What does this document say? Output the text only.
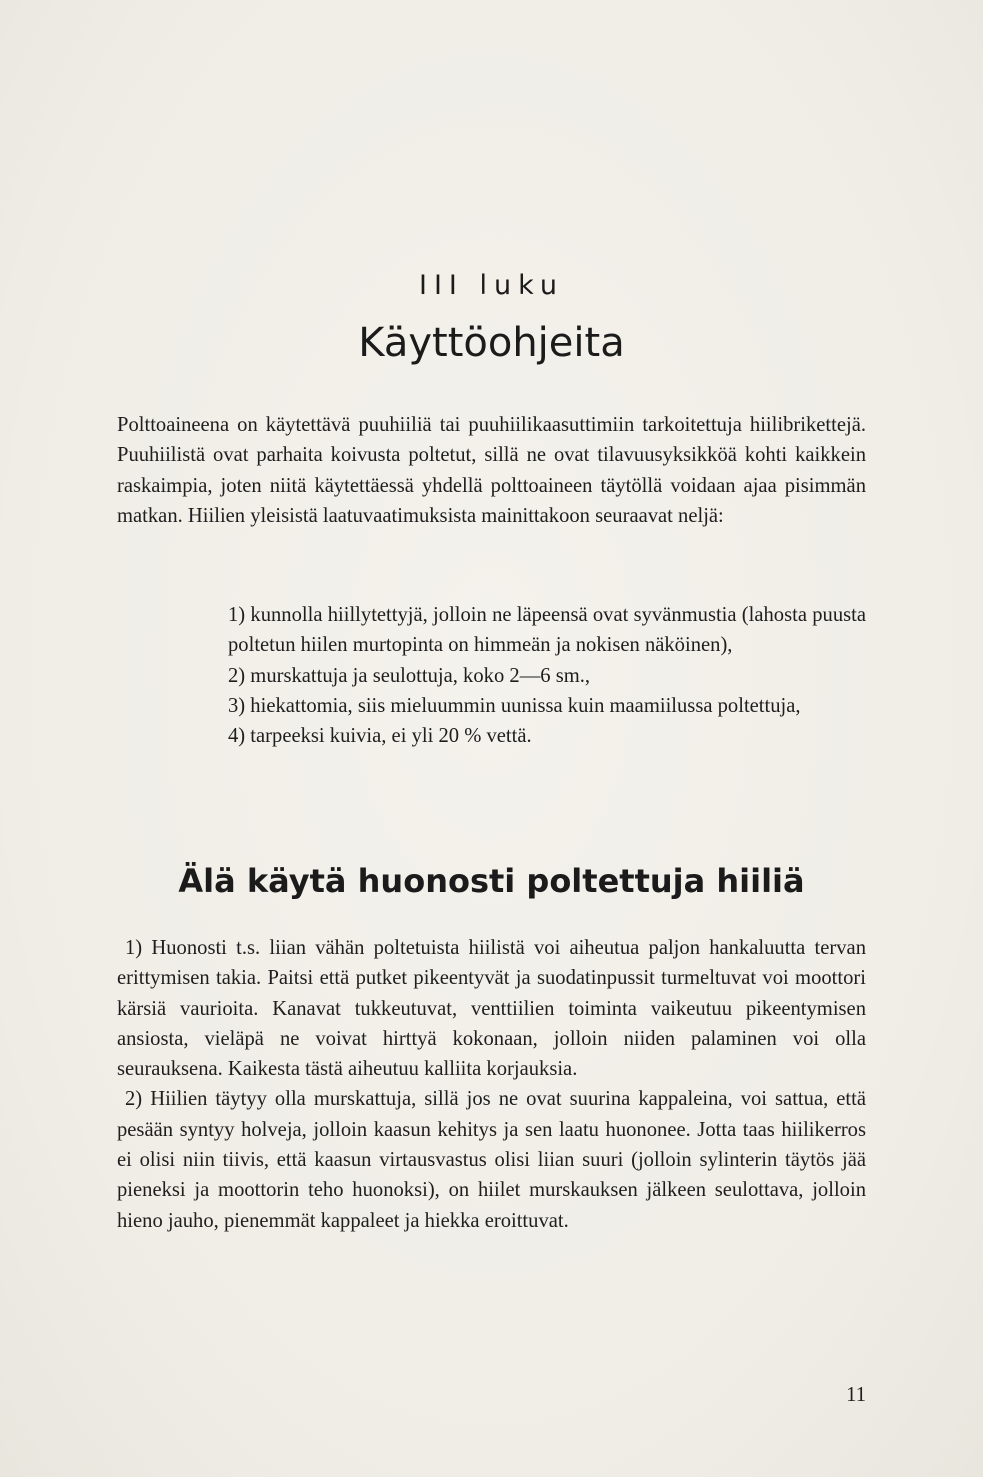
III luku
Käyttöohjeita

Polttoaineena on käytettävä puuhiiliä tai puuhiilikaasuttimiin tarkoitettuja hiilibrikettejä. Puuhiilistä ovat parhaita koivusta poltetut, sillä ne ovat tilavuusyksikköä kohti kaikkein raskaimpia, joten niitä käytettäessä yhdellä polttoaineen täytöllä voidaan ajaa pisimmän matkan. Hiilien yleisistä laatuvaatimuksista mainittakoon seuraavat neljä:

1) kunnolla hiillytettyjä, jolloin ne läpeensä ovat syvänmustia (lahosta puusta poltetun hiilen murtopinta on himmeän ja nokisen näköinen),
2) murskattuja ja seulottuja, koko 2—6 sm.,
3) hiekattomia, siis mieluummin uunissa kuin maamiilussa poltettuja,
4) tarpeeksi kuivia, ei yli 20 % vettä.
Älä käytä huonosti poltettuja hiiliä

1) Huonosti t.s. liian vähän poltetuista hiilistä voi aiheutua paljon hankaluutta tervan erittymisen takia. Paitsi että putket pikeentyvät ja suodatinpussit turmeltuvat voi moottori kärsiä vaurioita. Kanavat tukkeutuvat, venttiilien toiminta vaikeutuu pikeentymisen ansiosta, vieläpä ne voivat hirttyä kokonaan, jolloin niiden palaminen voi olla seurauksena. Kaikesta tästä aiheutuu kalliita korjauksia.

2) Hiilien täytyy olla murskattuja, sillä jos ne ovat suurina kappaleina, voi sattua, että pesään syntyy holveja, jolloin kaasun kehitys ja sen laatu huononee. Jotta taas hiilikerros ei olisi niin tiivis, että kaasun virtausvastus olisi liian suuri (jolloin sylinterin täytös jää pieneksi ja moottorin teho huonoksi), on hiilet murskauksen jälkeen seulottava, jolloin hieno jauho, pienemmät kappaleet ja hiekka eroittuvat.

11
